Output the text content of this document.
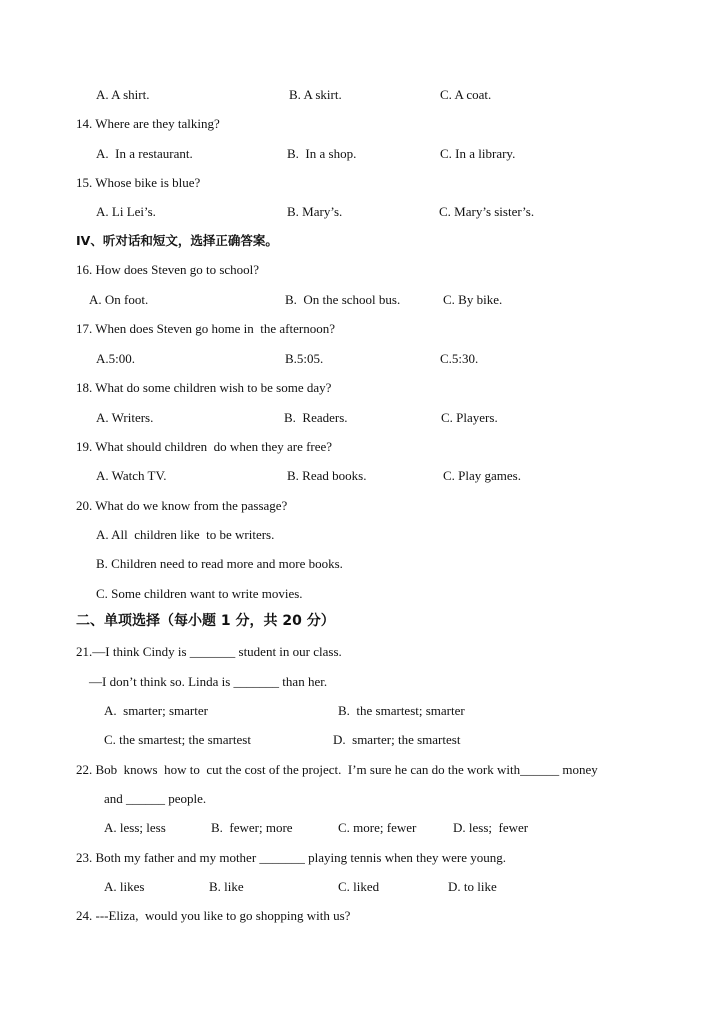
A. A shirt.	B. A skirt.	C. A coat.
14. Where are they talking?
A.  In a restaurant.	B.  In a shop.	C. In a library.
15. Whose bike is blue?
A. Li Lei’s.	B. Mary’s.	C. Mary’s sister’s.
IV、听对话和短文，选择正确答案。
16. How does Steven go to school?
A. On foot.	B.  On the school bus.	C. By bike.
17. When does Steven go home in  the afternoon?
A.5:00.	B.5:05.	C.5:30.
18. What do some children wish to be some day?
A. Writers.	B.  Readers.	C. Players.
19. What should children  do when they are free?
A. Watch TV.	B. Read books.	C. Play games.
20. What do we know from the passage?
A. All  children like  to be writers.
B. Children need to read more and more books.
C. Some children want to write movies.
二、单项选择（每小题 1 分，共 20 分）
21.—I think Cindy is _______ student in our class.
—I don’t think so. Linda is _______ than her.
A.  smarter; smarter	B.  the smartest; smarter
C. the smartest; the smartest	D.  smarter; the smartest
22. Bob  knows  how to  cut the cost of the project.  I’m sure he can do the work with______ money
and ______ people.
A. less; less	B.  fewer; more	C. more; fewer	D. less;  fewer
23. Both my father and my mother _______ playing tennis when they were young.
A. likes	B. like	C. liked	D. to like
24. ---Eliza,  would you like to go shopping with us?
